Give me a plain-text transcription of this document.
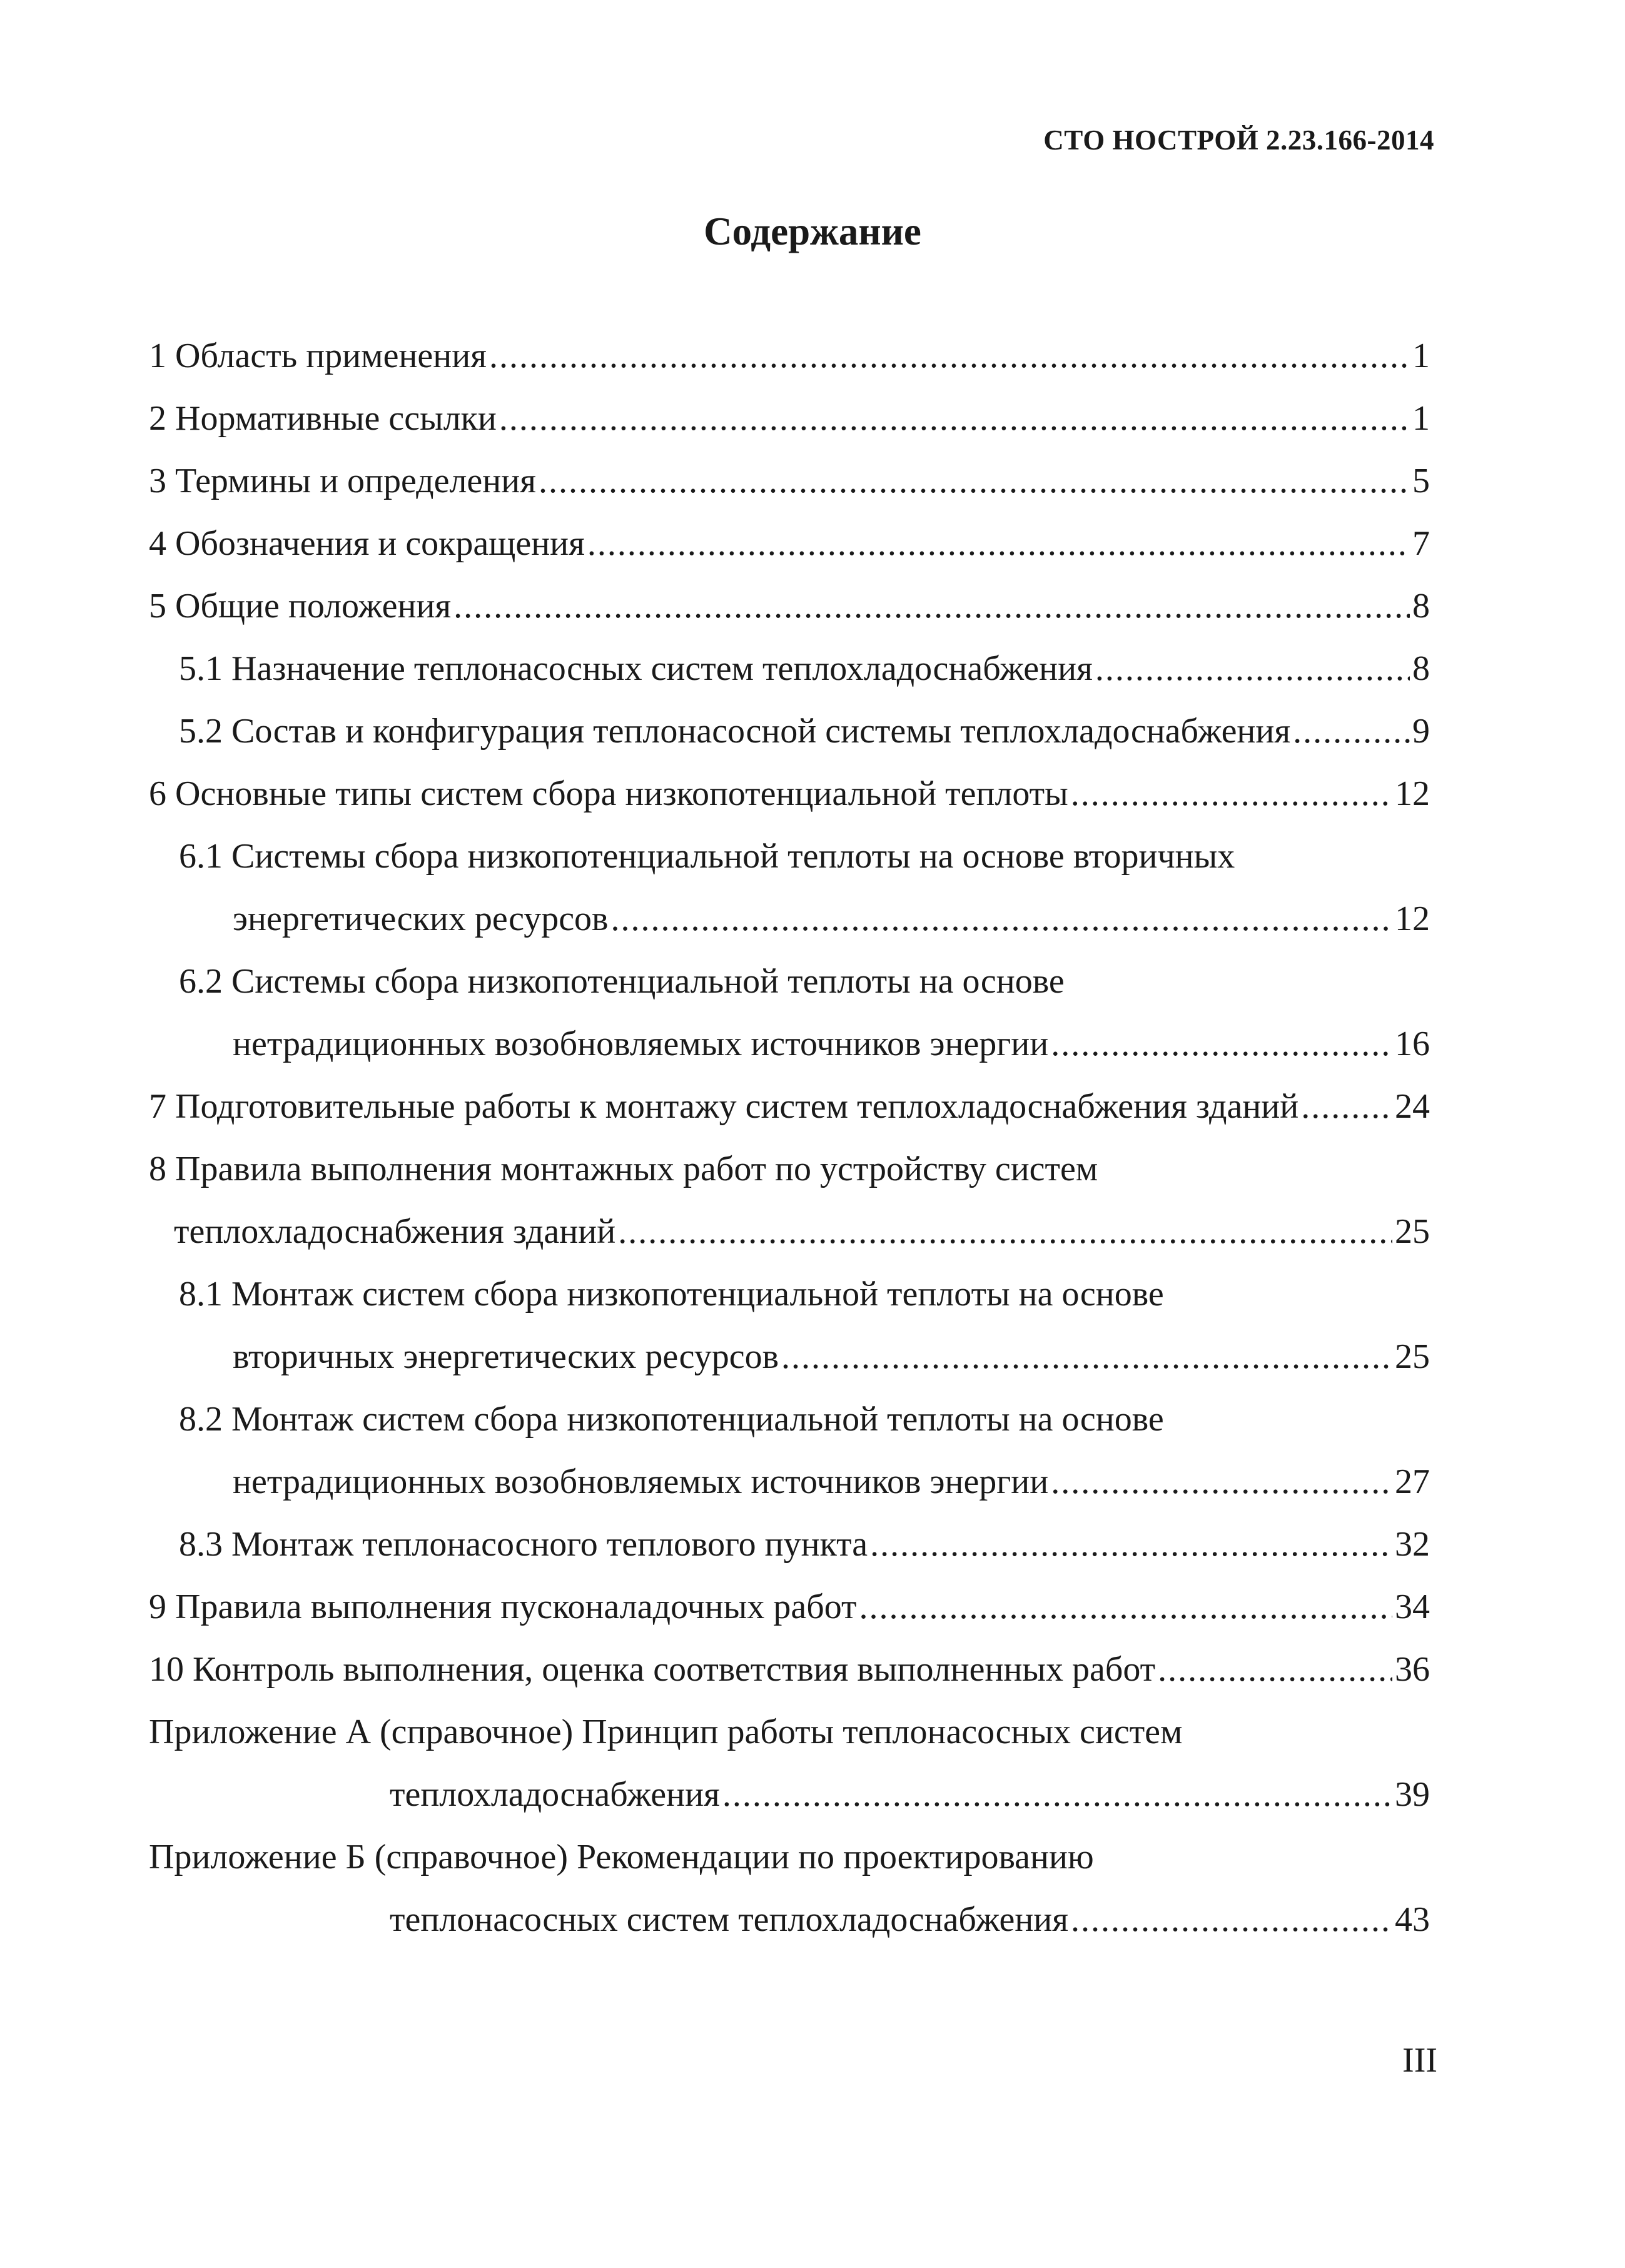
СТО НОСТРОЙ 2.23.166-2014
Содержание
1 Область применения .....	1
2 Нормативные ссылки .....	1
3 Термины и определения .....	5
4 Обозначения и сокращения .....	7
5 Общие положения .....	8
5.1 Назначение теплонасосных систем теплохладоснабжения .....	8
5.2 Состав и конфигурация теплонасосной системы теплохладоснабжения .....	9
6 Основные типы систем сбора низкопотенциальной теплоты .....	12
6.1 Системы сбора низкопотенциальной теплоты на основе вторичных
энергетических ресурсов .....	12
6.2 Системы сбора низкопотенциальной теплоты на основе
нетрадиционных возобновляемых источников энергии .....	16
7 Подготовительные работы к монтажу систем теплохладоснабжения зданий .....	24
8 Правила выполнения монтажных работ по устройству систем
теплохладоснабжения зданий .....	25
8.1 Монтаж систем сбора низкопотенциальной теплоты на основе
вторичных энергетических ресурсов .....	25
8.2 Монтаж систем сбора низкопотенциальной теплоты на основе
нетрадиционных возобновляемых источников энергии .....	27
8.3 Монтаж теплонасосного теплового пункта .....	32
9 Правила выполнения пусконаладочных работ .....	34
10 Контроль выполнения, оценка соответствия выполненных работ .....	36
Приложение А (справочное) Принцип работы теплонасосных систем
теплохладоснабжения .....	39
Приложение Б (справочное) Рекомендации по проектированию
теплонасосных систем теплохладоснабжения .....	43
III
